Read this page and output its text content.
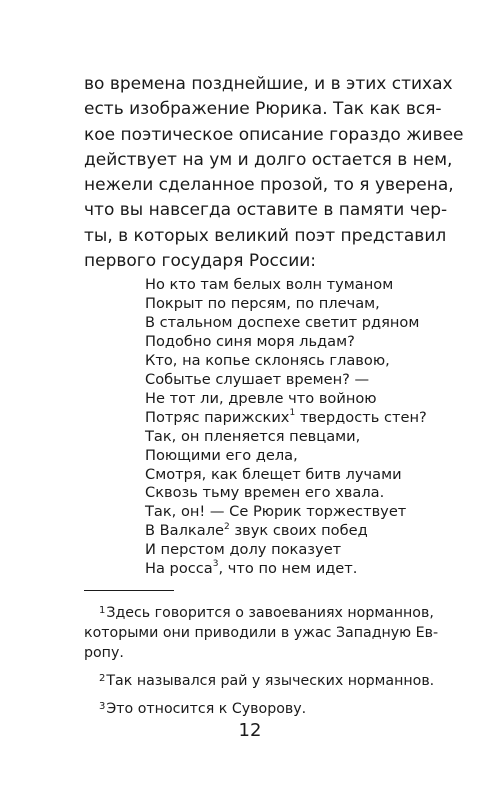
во времена позднейшие, и в этих стихах
есть изображение Рюрика. Так как вся-
кое поэтическое описание гораздо живее
действует на ум и долго остается в нем,
нежели сделанное прозой, то я уверена,
что вы навсегда оставите в памяти чер-
ты, в которых великий поэт представил
первого государя России:
Но кто там белых волн туманом
Покрыт по персям, по плечам,
В стальном доспехе светит рдяном
Подобно синя моря льдам?
Кто, на копье склонясь главою,
Событье слушает времен? —
Не тот ли, древле что войною
Потряс парижских$^1$ твердость стен?
Так, он пленяется певцами,
Поющими его дела,
Смотря, как блещет битв лучами
Сквозь тьму времен его хвала.
Так, он! — Се Рюрик торжествует
В Валкале$^2$ звук своих побед
И перстом долу показует
На росса$^3$, что по нем идет.
$^1$Здесь говорится о завоеваниях норманнов,
которыми они приводили в ужас Западную Ев-
ропу.
$^2$Так назывался рай у языческих норманнов.
$^3$Это относится к Суворову.
12
